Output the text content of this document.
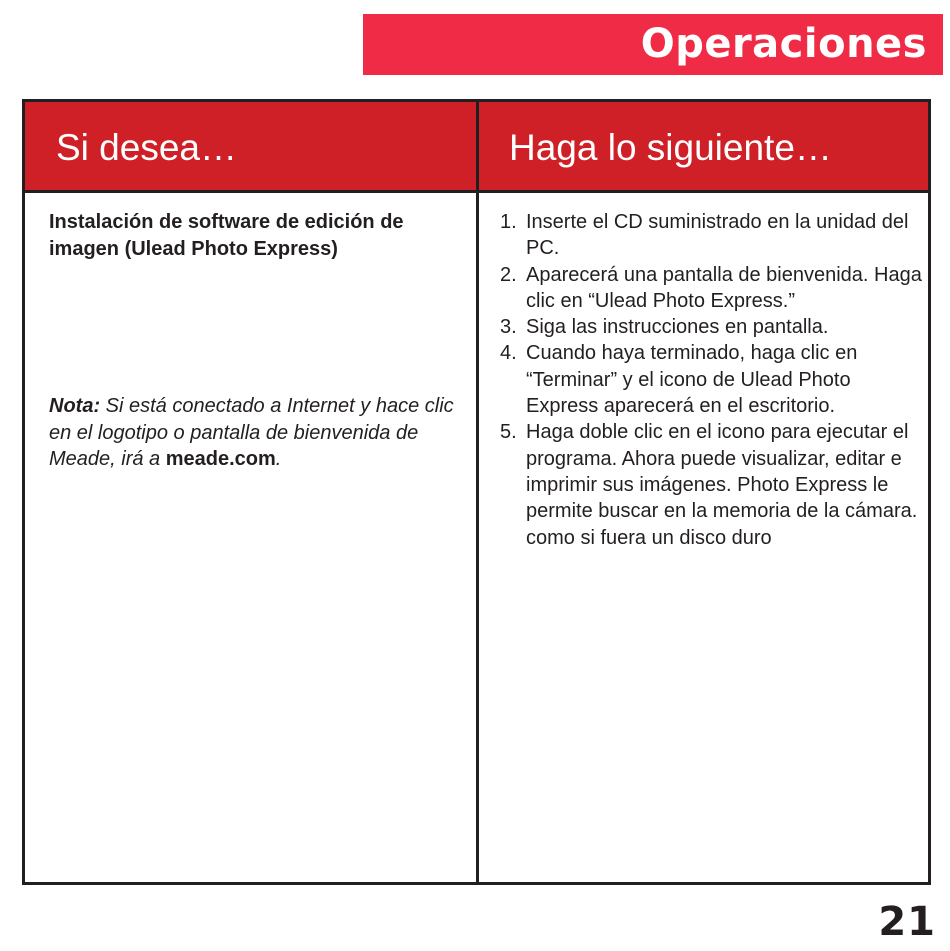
Operaciones
Si desea…	Haga lo siguiente…

Instalación de software de edición de imagen (Ulead Photo Express)

Nota: Si está conectado a Internet y hace clic en el logotipo o pantalla de bienvenida de Meade, irá a meade.com.

1. Inserte el CD suministrado en la unidad del PC.
2. Aparecerá una pantalla de bienvenida. Haga clic en “Ulead Photo Express.”
3. Siga las instrucciones en pantalla.
4. Cuando haya terminado, haga clic en “Terminar” y el icono de Ulead Photo Express aparecerá en el escritorio.
5. Haga doble clic en el icono para ejecutar el programa. Ahora puede visualizar, editar e imprimir sus imágenes. Photo Express le permite buscar en la memoria de la cámara. como si fuera un disco duro
21
